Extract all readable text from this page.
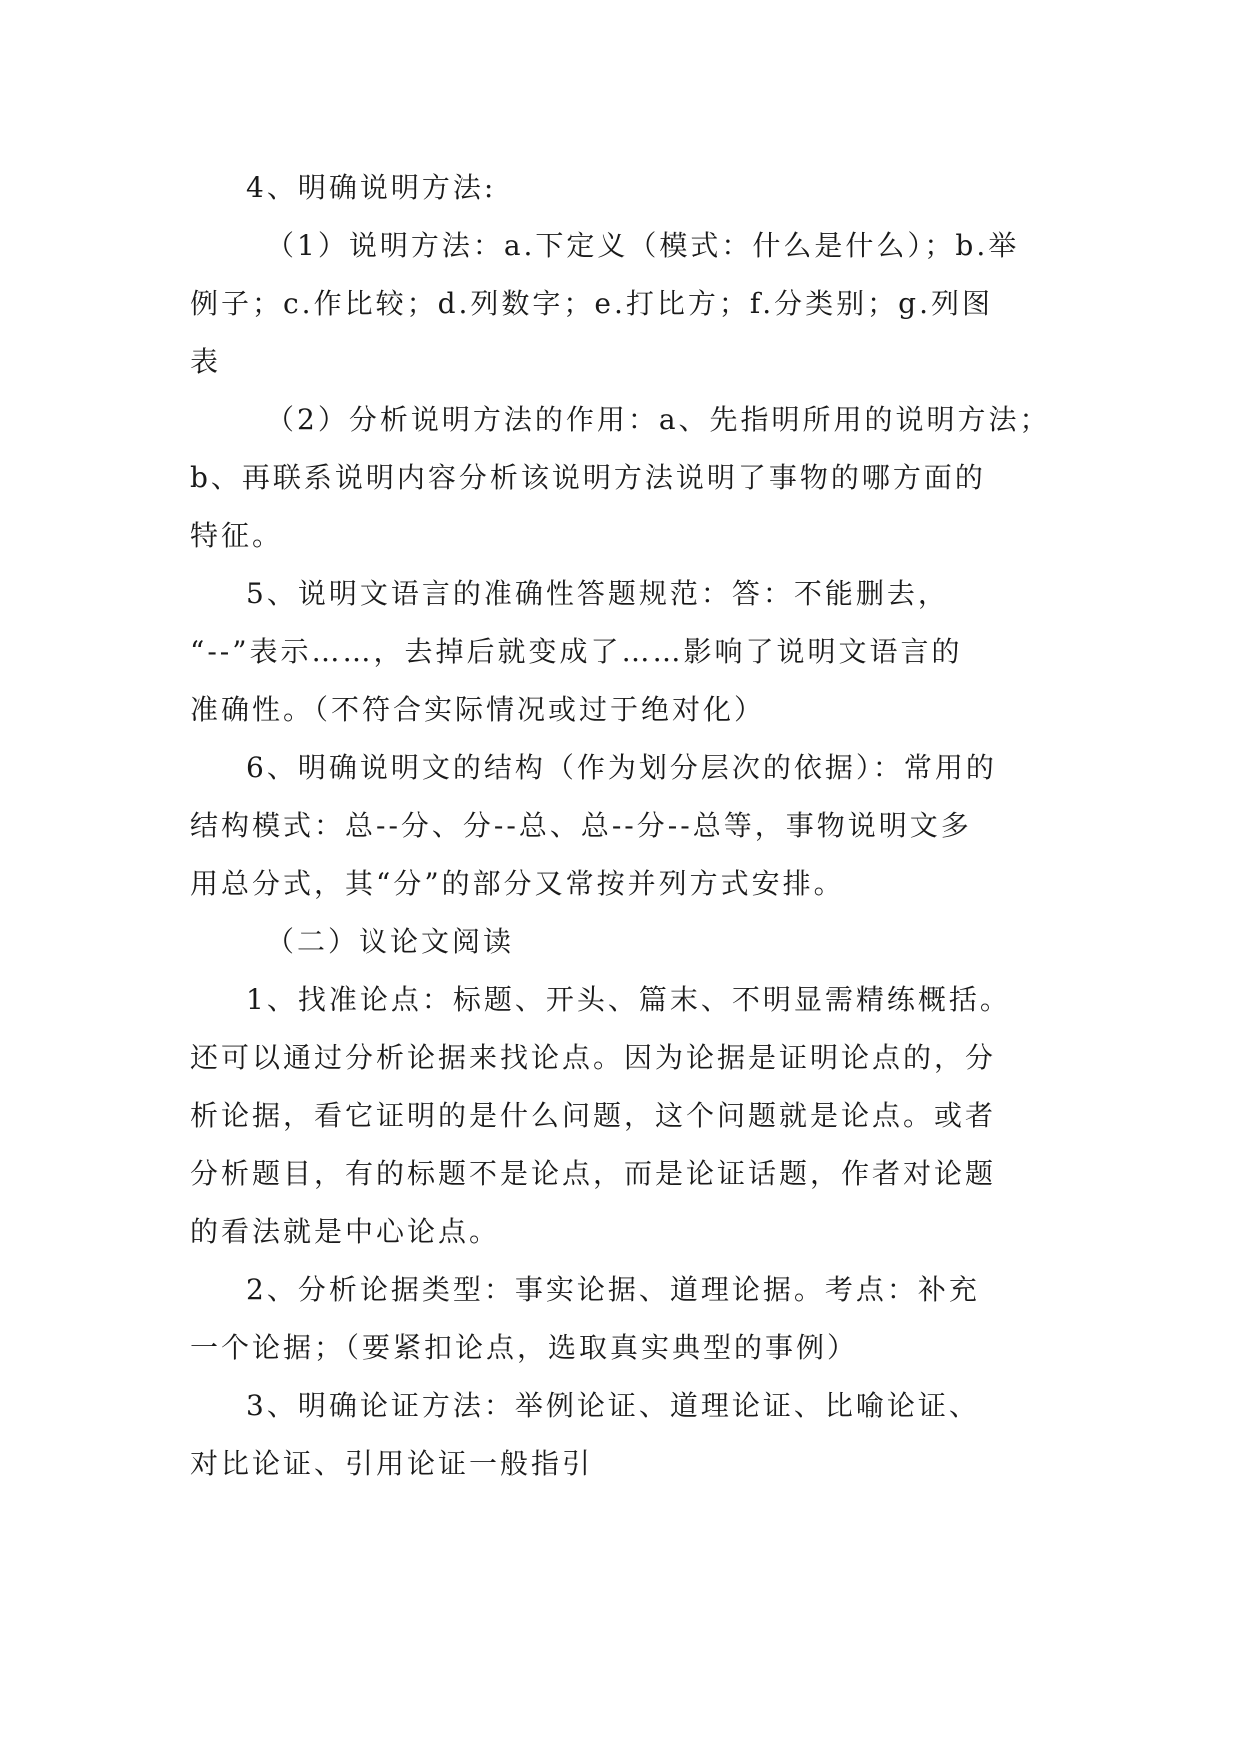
4、明确说明方法:
（1）说明方法：a.下定义（模式：什么是什么）；b.举
例子；c.作比较；d.列数字；e.打比方；f.分类别；g.列图
表
（2）分析说明方法的作用：a、先指明所用的说明方法；
b、再联系说明内容分析该说明方法说明了事物的哪方面的
特征。
5、说明文语言的准确性答题规范：答：不能删去，
“--”表示……，去掉后就变成了……影响了说明文语言的
准确性。（不符合实际情况或过于绝对化）
6、明确说明文的结构（作为划分层次的依据）：常用的
结构模式：总--分、分--总、总--分--总等，事物说明文多
用总分式，其“分”的部分又常按并列方式安排。
（二）议论文阅读
1、找准论点：标题、开头、篇末、不明显需精练概括。
还可以通过分析论据来找论点。因为论据是证明论点的，分
析论据，看它证明的是什么问题，这个问题就是论点。或者
分析题目，有的标题不是论点，而是论证话题，作者对论题
的看法就是中心论点。
2、分析论据类型：事实论据、道理论据。考点：补充
一个论据；（要紧扣论点，选取真实典型的事例）
3、明确论证方法：举例论证、道理论证、比喻论证、
对比论证、引用论证一般指引
